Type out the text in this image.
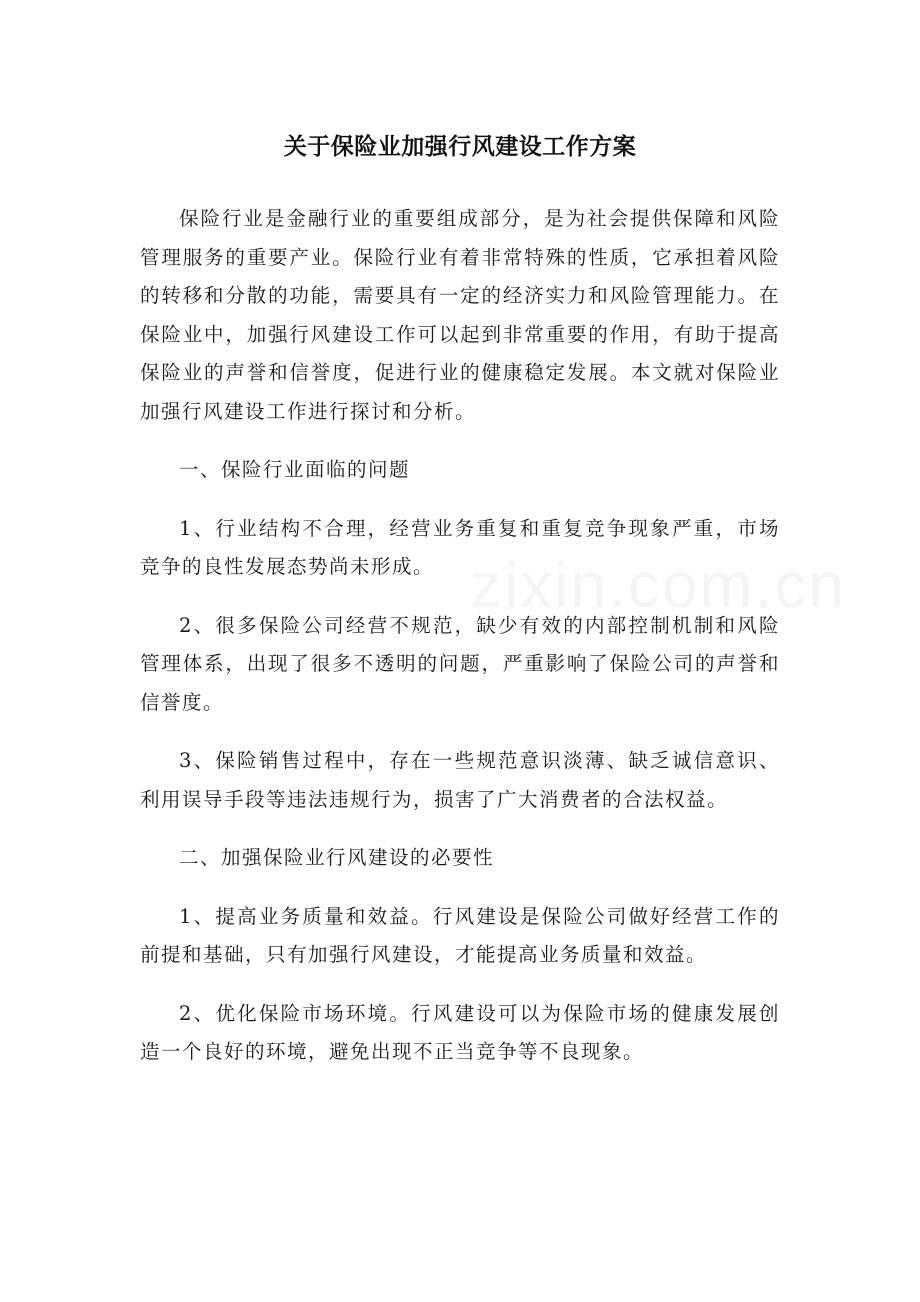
关于保险业加强行风建设工作方案

保险行业是金融行业的重要组成部分，是为社会提供保障和风险管理服务的重要产业。保险行业有着非常特殊的性质，它承担着风险的转移和分散的功能，需要具有一定的经济实力和风险管理能力。在保险业中，加强行风建设工作可以起到非常重要的作用，有助于提高保险业的声誉和信誉度，促进行业的健康稳定发展。本文就对保险业加强行风建设工作进行探讨和分析。

一、保险行业面临的问题

1、行业结构不合理，经营业务重复和重复竞争现象严重，市场竞争的良性发展态势尚未形成。

2、很多保险公司经营不规范，缺少有效的内部控制机制和风险管理体系，出现了很多不透明的问题，严重影响了保险公司的声誉和信誉度。

3、保险销售过程中，存在一些规范意识淡薄、缺乏诚信意识、利用误导手段等违法违规行为，损害了广大消费者的合法权益。

二、加强保险业行风建设的必要性

1、提高业务质量和效益。行风建设是保险公司做好经营工作的前提和基础，只有加强行风建设，才能提高业务质量和效益。

2、优化保险市场环境。行风建设可以为保险市场的健康发展创造一个良好的环境，避免出现不正当竞争等不良现象。

zixin.com.cn
